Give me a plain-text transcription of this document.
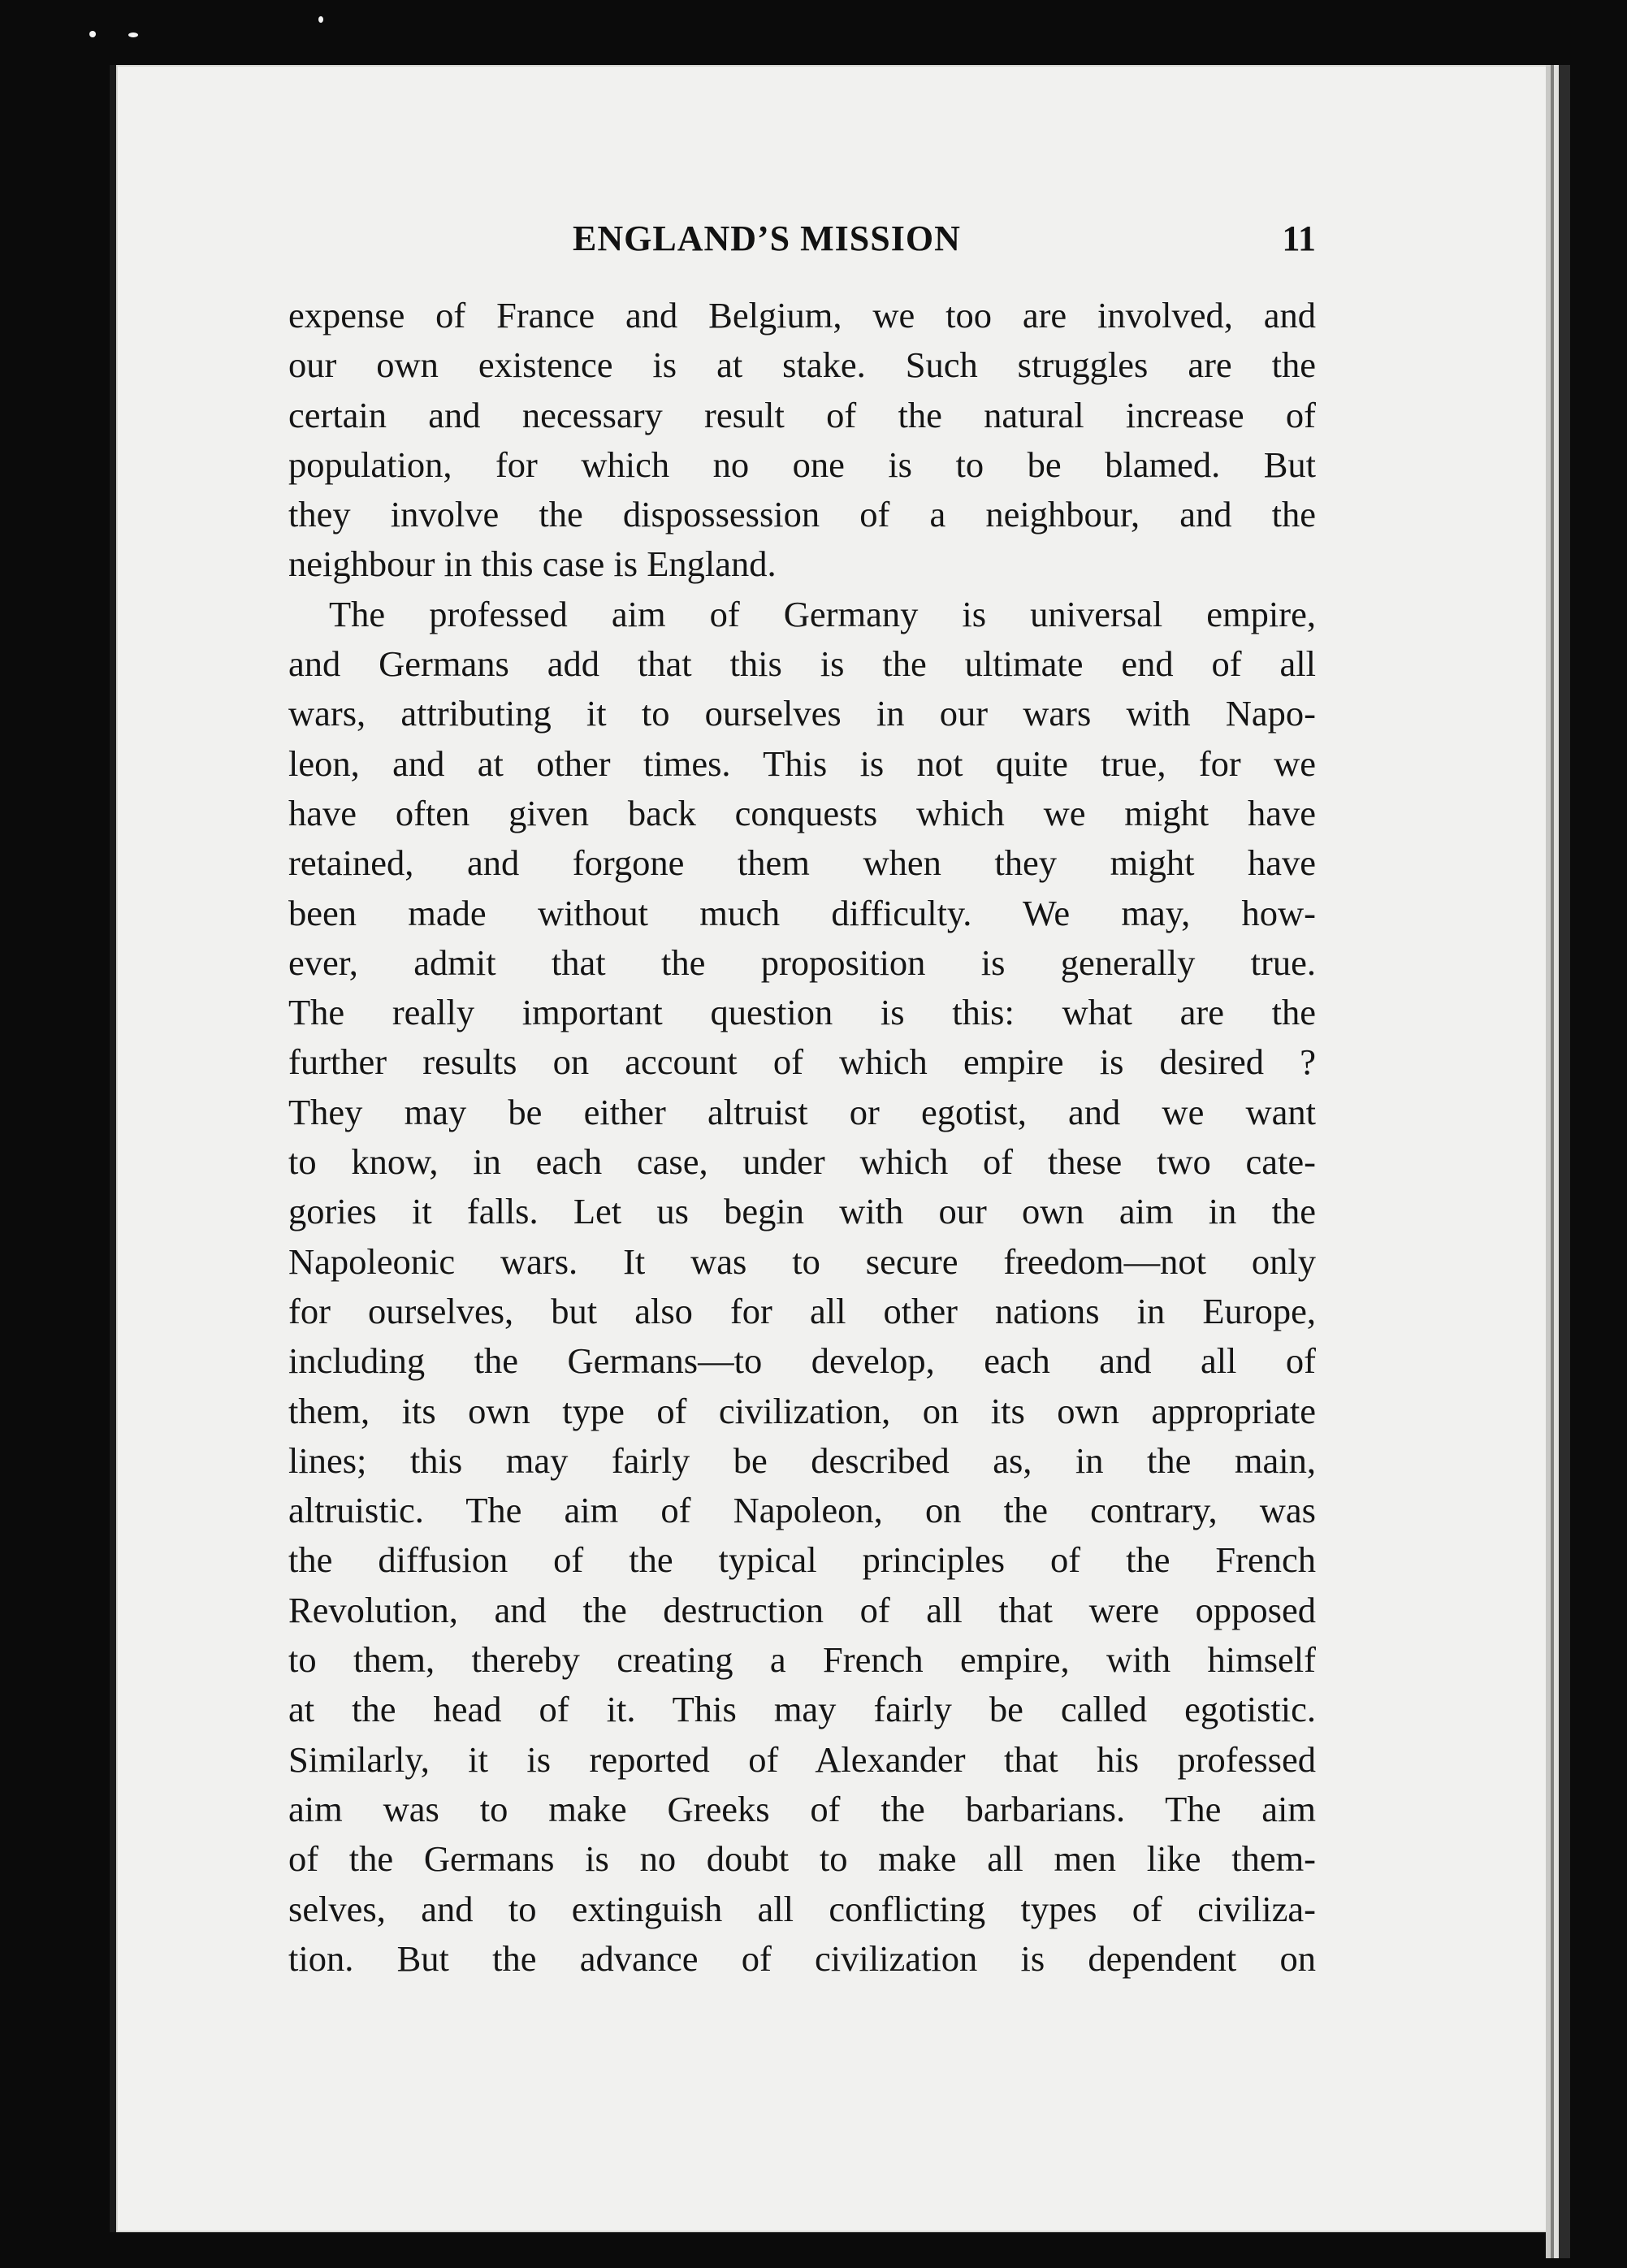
ENGLAND’S MISSION	11
expense of France and Belgium, we too are involved, and
our own existence is at stake. Such struggles are the
certain and necessary result of the natural increase of
population, for which no one is to be blamed. But
they involve the dispossession of a neighbour, and the
neighbour in this case is England.
The professed aim of Germany is universal empire,
and Germans add that this is the ultimate end of all
wars, attributing it to ourselves in our wars with Napo-
leon, and at other times. This is not quite true, for we
have often given back conquests which we might have
retained, and forgone them when they might have
been made without much difficulty. We may, how-
ever, admit that the proposition is generally true.
The really important question is this: what are the
further results on account of which empire is desired ?
They may be either altruist or egotist, and we want
to know, in each case, under which of these two cate-
gories it falls. Let us begin with our own aim in the
Napoleonic wars. It was to secure freedom—not only
for ourselves, but also for all other nations in Europe,
including the Germans—to develop, each and all of
them, its own type of civilization, on its own appropriate
lines; this may fairly be described as, in the main,
altruistic. The aim of Napoleon, on the contrary, was
the diffusion of the typical principles of the French
Revolution, and the destruction of all that were opposed
to them, thereby creating a French empire, with himself
at the head of it. This may fairly be called egotistic.
Similarly, it is reported of Alexander that his professed
aim was to make Greeks of the barbarians. The aim
of the Germans is no doubt to make all men like them-
selves, and to extinguish all conflicting types of civiliza-
tion. But the advance of civilization is dependent on
